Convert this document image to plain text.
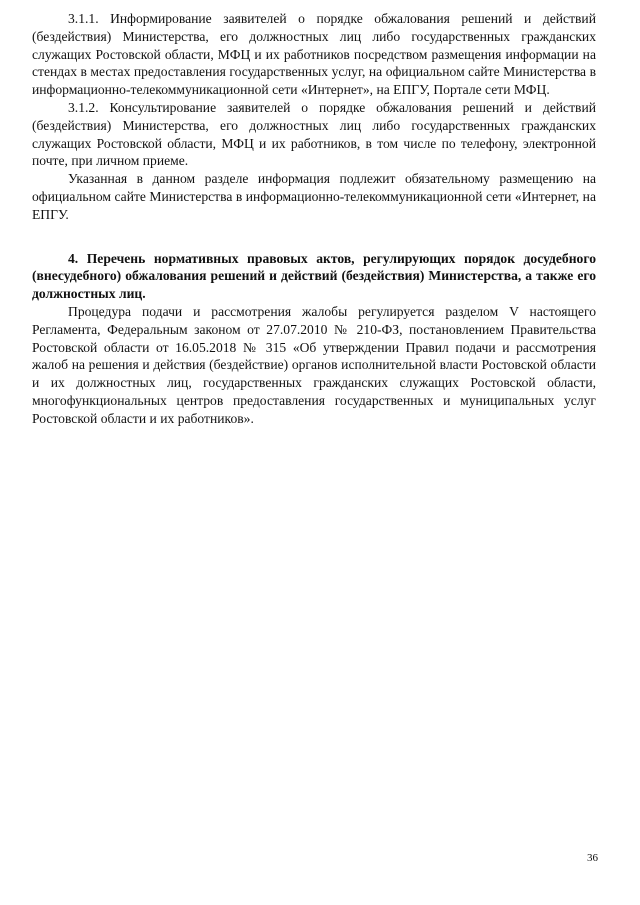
3.1.1. Информирование заявителей о порядке обжалования решений и действий (бездействия) Министерства, его должностных лиц либо государственных гражданских служащих Ростовской области, МФЦ и их работников посредством размещения информации на стендах в местах предоставления государственных услуг, на официальном сайте Министерства в информационно-телекоммуникационной сети «Интернет», на ЕПГУ, Портале сети МФЦ.

3.1.2. Консультирование заявителей о порядке обжалования решений и действий (бездействия) Министерства, его должностных лиц либо государственных гражданских служащих Ростовской области, МФЦ и их работников, в том числе по телефону, электронной почте, при личном приеме.

Указанная в данном разделе информация подлежит обязательному размещению на официальном сайте Министерства в информационно-телекоммуникационной сети «Интернет, на ЕПГУ.

4. Перечень нормативных правовых актов, регулирующих порядок досудебного (внесудебного) обжалования решений и действий (бездействия) Министерства, а также его должностных лиц.

Процедура подачи и рассмотрения жалобы регулируется разделом V настоящего Регламента, Федеральным законом от 27.07.2010 № 210-ФЗ, постановлением Правительства Ростовской области от 16.05.2018 № 315 «Об утверждении Правил подачи и рассмотрения жалоб на решения и действия (бездействие) органов исполнительной власти Ростовской области и их должностных лиц, государственных гражданских служащих Ростовской области, многофункциональных центров предоставления государственных и муниципальных услуг Ростовской области и их работников».

36
